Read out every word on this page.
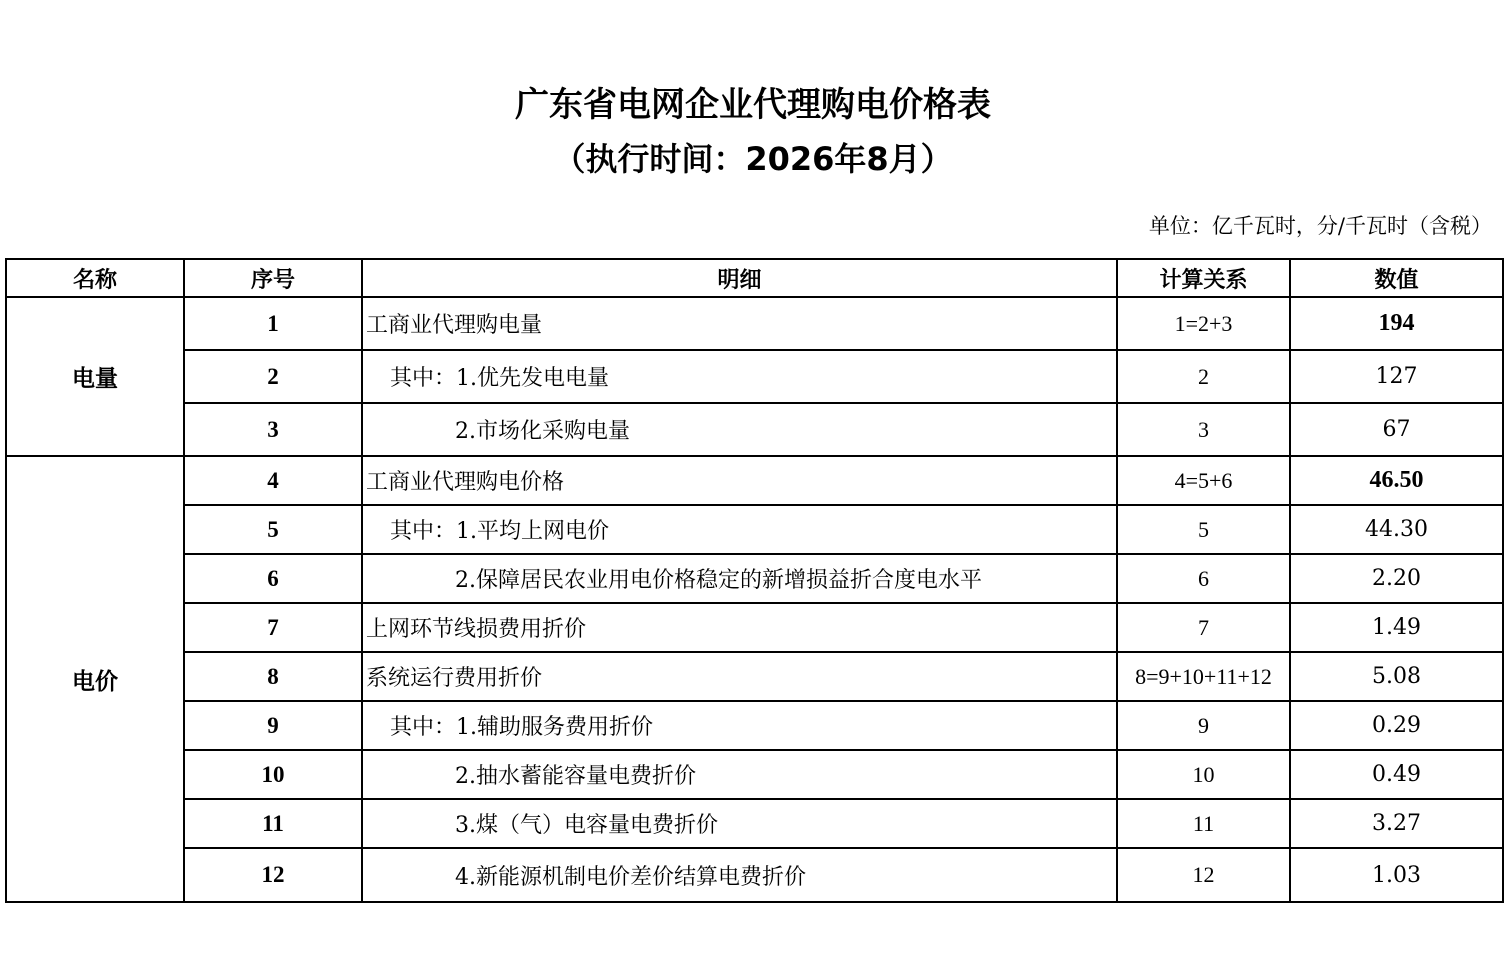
广东省电网企业代理购电价格表
（执行时间：2026年8月）
单位：亿千瓦时，分/千瓦时（含税）
名称	序号	明细	计算关系	数值
电量	1	工商业代理购电量	1=2+3	194
	2	其中：1.优先发电电量	2	127
	3	2.市场化采购电量	3	67
电价	4	工商业代理购电价格	4=5+6	46.50
	5	其中：1.平均上网电价	5	44.30
	6	2.保障居民农业用电价格稳定的新增损益折合度电水平	6	2.20
	7	上网环节线损费用折价	7	1.49
	8	系统运行费用折价	8=9+10+11+12	5.08
	9	其中：1.辅助服务费用折价	9	0.29
	10	2.抽水蓄能容量电费折价	10	0.49
	11	3.煤（气）电容量电费折价	11	3.27
	12	4.新能源机制电价差价结算电费折价	12	1.03
